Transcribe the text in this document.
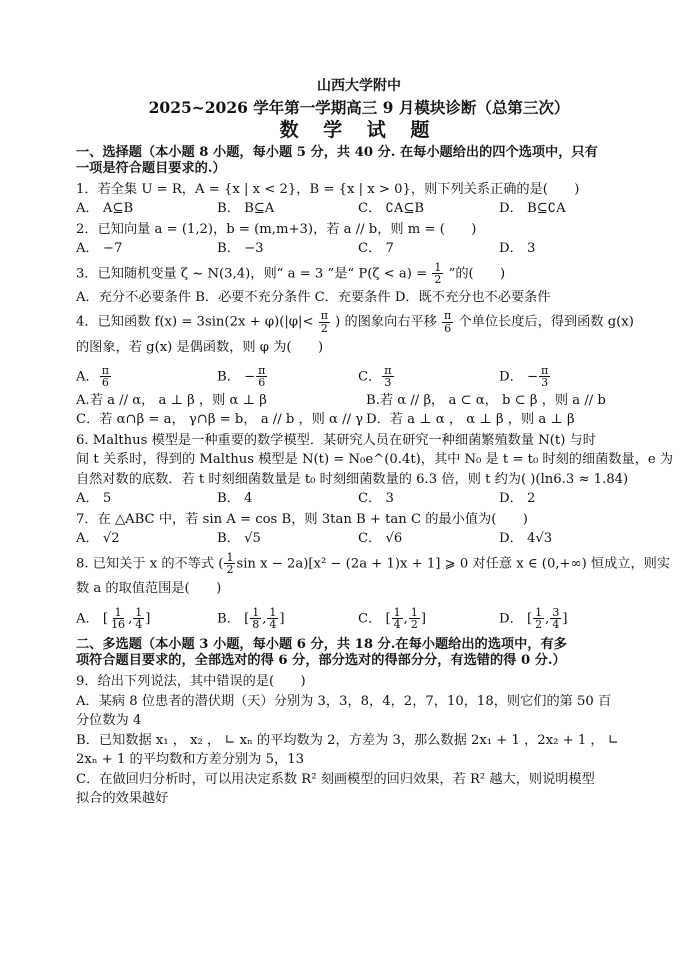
山西大学附中
2025~2026 学年第一学期高三 9 月模块诊断（总第三次）
数 学 试 题
一、选择题（本小题 8 小题，每小题 5 分，共 40 分. 在每小题给出的四个选项中，只有
一项是符合题目要求的.）
1．若全集 U = R，A = {x | x < 2}，B = {x | x > 0}，则下列关系正确的是(　　)
A． A⊆B	B． B⊆A	C． ∁A⊆B	D． B⊆∁A
2．已知向量 a = (1,2)，b = (m,m+3)，若 a // b，则 m = (　　)
A． −7	B． −3	C． 7	D． 3
3．已知随机变量 ζ ~ N(3,4)，则“ a = 3 ”是“ $P(\zeta < a) = \frac{1}{2}$ ”的(　　)
A．充分不必要条件 B．必要不充分条件 C．充要条件 D．既不充分也不必要条件
4．已知函数 $f(x) = 3\sin(2x + \varphi)(|\varphi|< \frac{\pi}{2}$ ) 的图象向右平移 $\frac{\pi}{6}$ 个单位长度后，得到函数 g(x)
的图象，若 g(x) 是偶函数，则 φ 为(　　)
A． $\frac{\pi}{6}$	B． − $\frac{\pi}{6}$	C． $\frac{\pi}{3}$	D． − $\frac{\pi}{3}$
A.若 a // α， a ⊥ β ，则 α ⊥ β	B.若 α // β， a ⊂ α， b ⊂ β ，则 a // b
C．若 α∩β = a， γ∩β = b， a // b ，则 α // γ D．若 a ⊥ α ， α ⊥ β ，则 a ⊥ β
6. Malthus 模型是一种重要的数学模型．某研究人员在研究一种细菌繁殖数量 N(t) 与时
间 t 关系时，得到的 Malthus 模型是 N(t) = N₀e^(0.4t)，其中 N₀ 是 t = t₀ 时刻的细菌数量，e 为
自然对数的底数．若 t 时刻细菌数量是 t₀ 时刻细菌数量的 6.3 倍，则 t 约为( )(ln6.3 ≈ 1.84)
A． 5	B． 4	C． 3	D． 2
7．在 △ABC 中，若 sin A = cos B，则 3tan B + tan C 的最小值为(　　)
A． √2	B． √5	C． √6	D． 4√3
8. 已知关于 x 的不等式 ( $\frac{1}{2}$ sin x − 2a)[x² − (2a + 1)x + 1] ⩾ 0 对任意 x ∈ (0,+∞) 恒成立，则实
数 a 的取值范围是(　　)
A． [ $\frac{1}{16}$ , $\frac{1}{4}$ ]	B． [ $\frac{1}{8}$ , $\frac{1}{4}$ ]	C． [ $\frac{1}{4}$ , $\frac{1}{2}$ ]	D． [ $\frac{1}{2}$ , $\frac{3}{4}$ ]
二、多选题（本小题 3 小题，每小题 6 分，共 18 分.在每小题给出的选项中，有多
项符合题目要求的，全部选对的得 6 分，部分选对的得部分分，有选错的得 0 分.）
9．给出下列说法，其中错误的是(　　)
A．某病 8 位患者的潜伏期（天）分别为 3，3，8，4，2，7，10，18，则它们的第 50 百
分位数为 4
B．已知数据 x₁ ， x₂ ， ∟ xₙ 的平均数为 2，方差为 3，那么数据 2x₁ + 1 ，2x₂ + 1 ， ∟
2xₙ + 1 的平均数和方差分别为 5，13
C．在做回归分析时，可以用决定系数 R² 刻画模型的回归效果，若 R² 越大，则说明模型
拟合的效果越好
